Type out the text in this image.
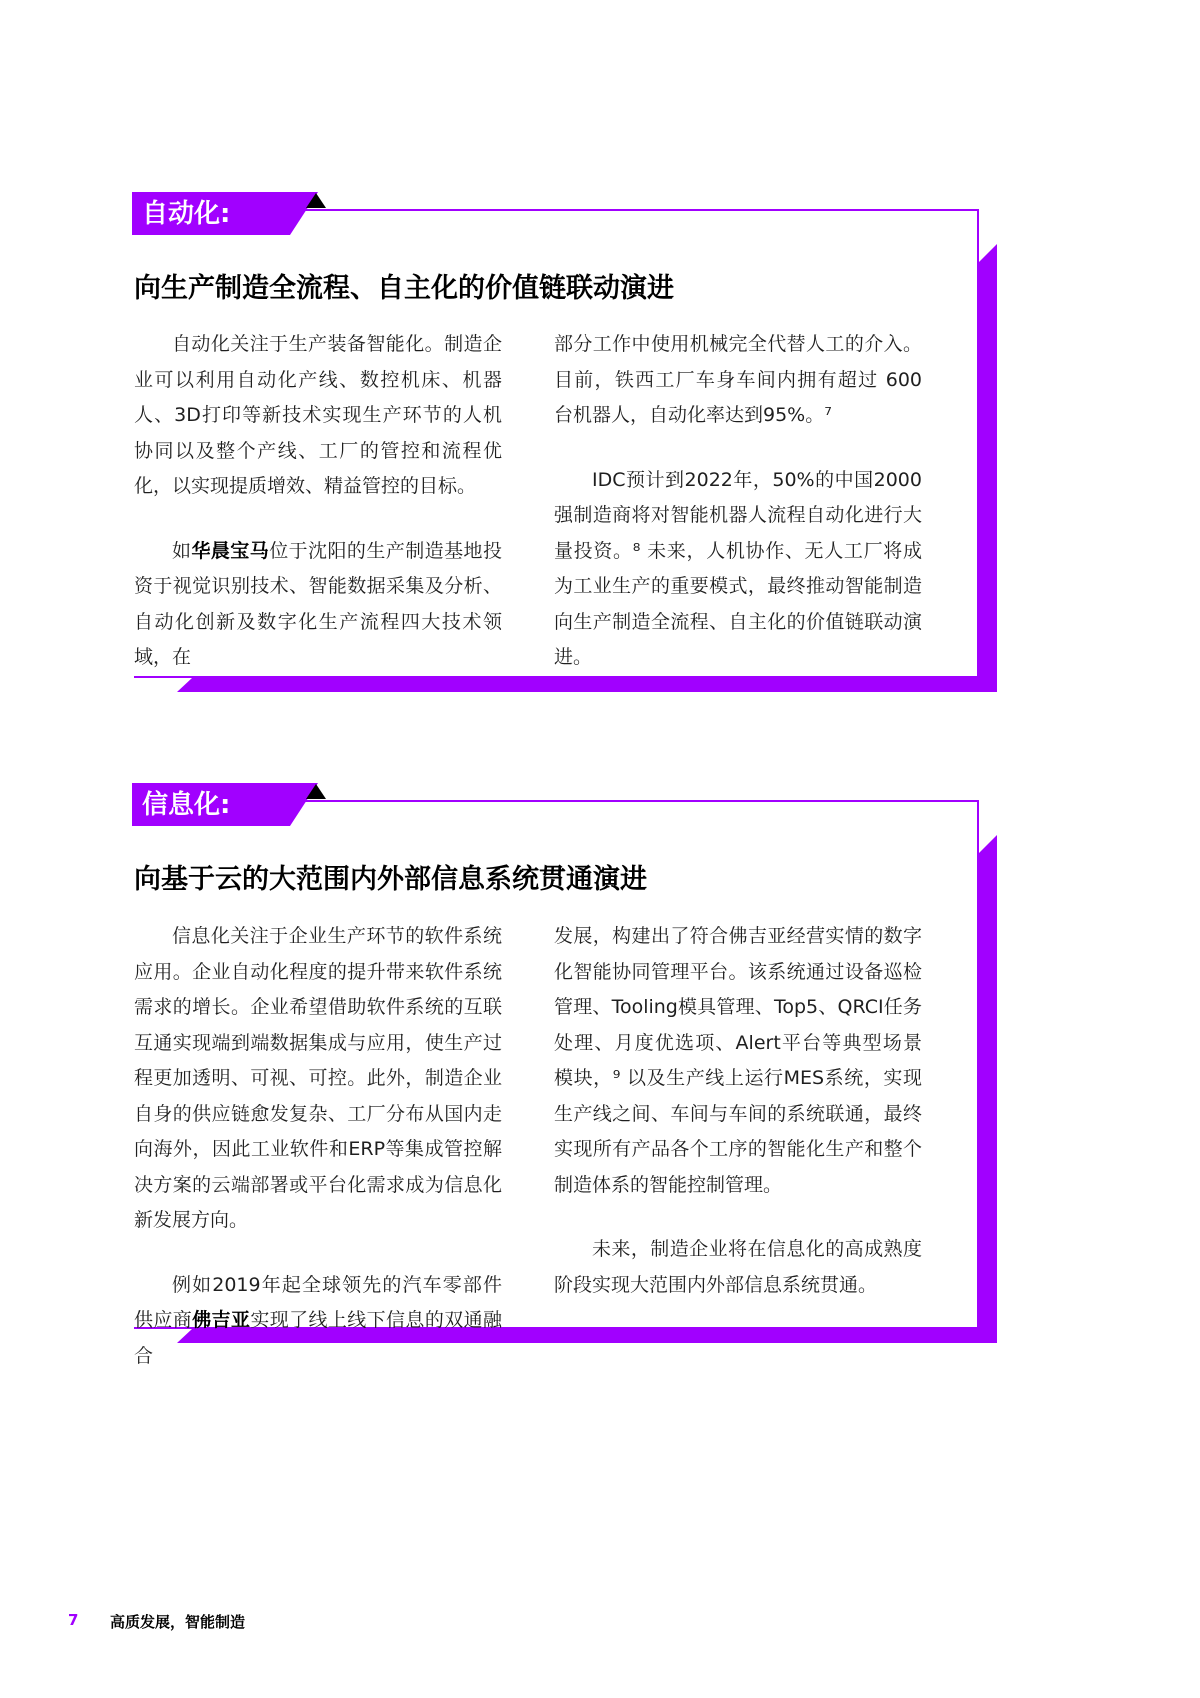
自动化:
向生产制造全流程、自主化的价值链联动演进

自动化关注于生产装备智能化。制造企业可以利用自动化产线、数控机床、机器人、3D打印等新技术实现生产环节的人机协同以及整个产线、工厂的管控和流程优化，以实现提质增效、精益管控的目标。

如华晨宝马位于沈阳的生产制造基地投资于视觉识别技术、智能数据采集及分析、自动化创新及数字化生产流程四大技术领域，在

部分工作中使用机械完全代替人工的介入。目前，铁西工厂车身车间内拥有超过 600 台机器人，自动化率达到95%。⁷

IDC预计到2022年，50%的中国2000强制造商将对智能机器人流程自动化进行大量投资。⁸ 未来，人机协作、无人工厂将成为工业生产的重要模式，最终推动智能制造向生产制造全流程、自主化的价值链联动演进。

信息化:
向基于云的大范围内外部信息系统贯通演进

信息化关注于企业生产环节的软件系统应用。企业自动化程度的提升带来软件系统需求的增长。企业希望借助软件系统的互联互通实现端到端数据集成与应用，使生产过程更加透明、可视、可控。此外，制造企业自身的供应链愈发复杂、工厂分布从国内走向海外，因此工业软件和ERP等集成管控解决方案的云端部署或平台化需求成为信息化新发展方向。

例如2019年起全球领先的汽车零部件供应商佛吉亚实现了线上线下信息的双通融合

发展，构建出了符合佛吉亚经营实情的数字化智能协同管理平台。该系统通过设备巡检管理、Tooling模具管理、Top5、QRCI任务处理、月度优选项、Alert平台等典型场景模块，⁹ 以及生产线上运行MES系统，实现生产线之间、车间与车间的系统联通，最终实现所有产品各个工序的智能化生产和整个制造体系的智能控制管理。

未来，制造企业将在信息化的高成熟度阶段实现大范围内外部信息系统贯通。

7 高质发展，智能制造
